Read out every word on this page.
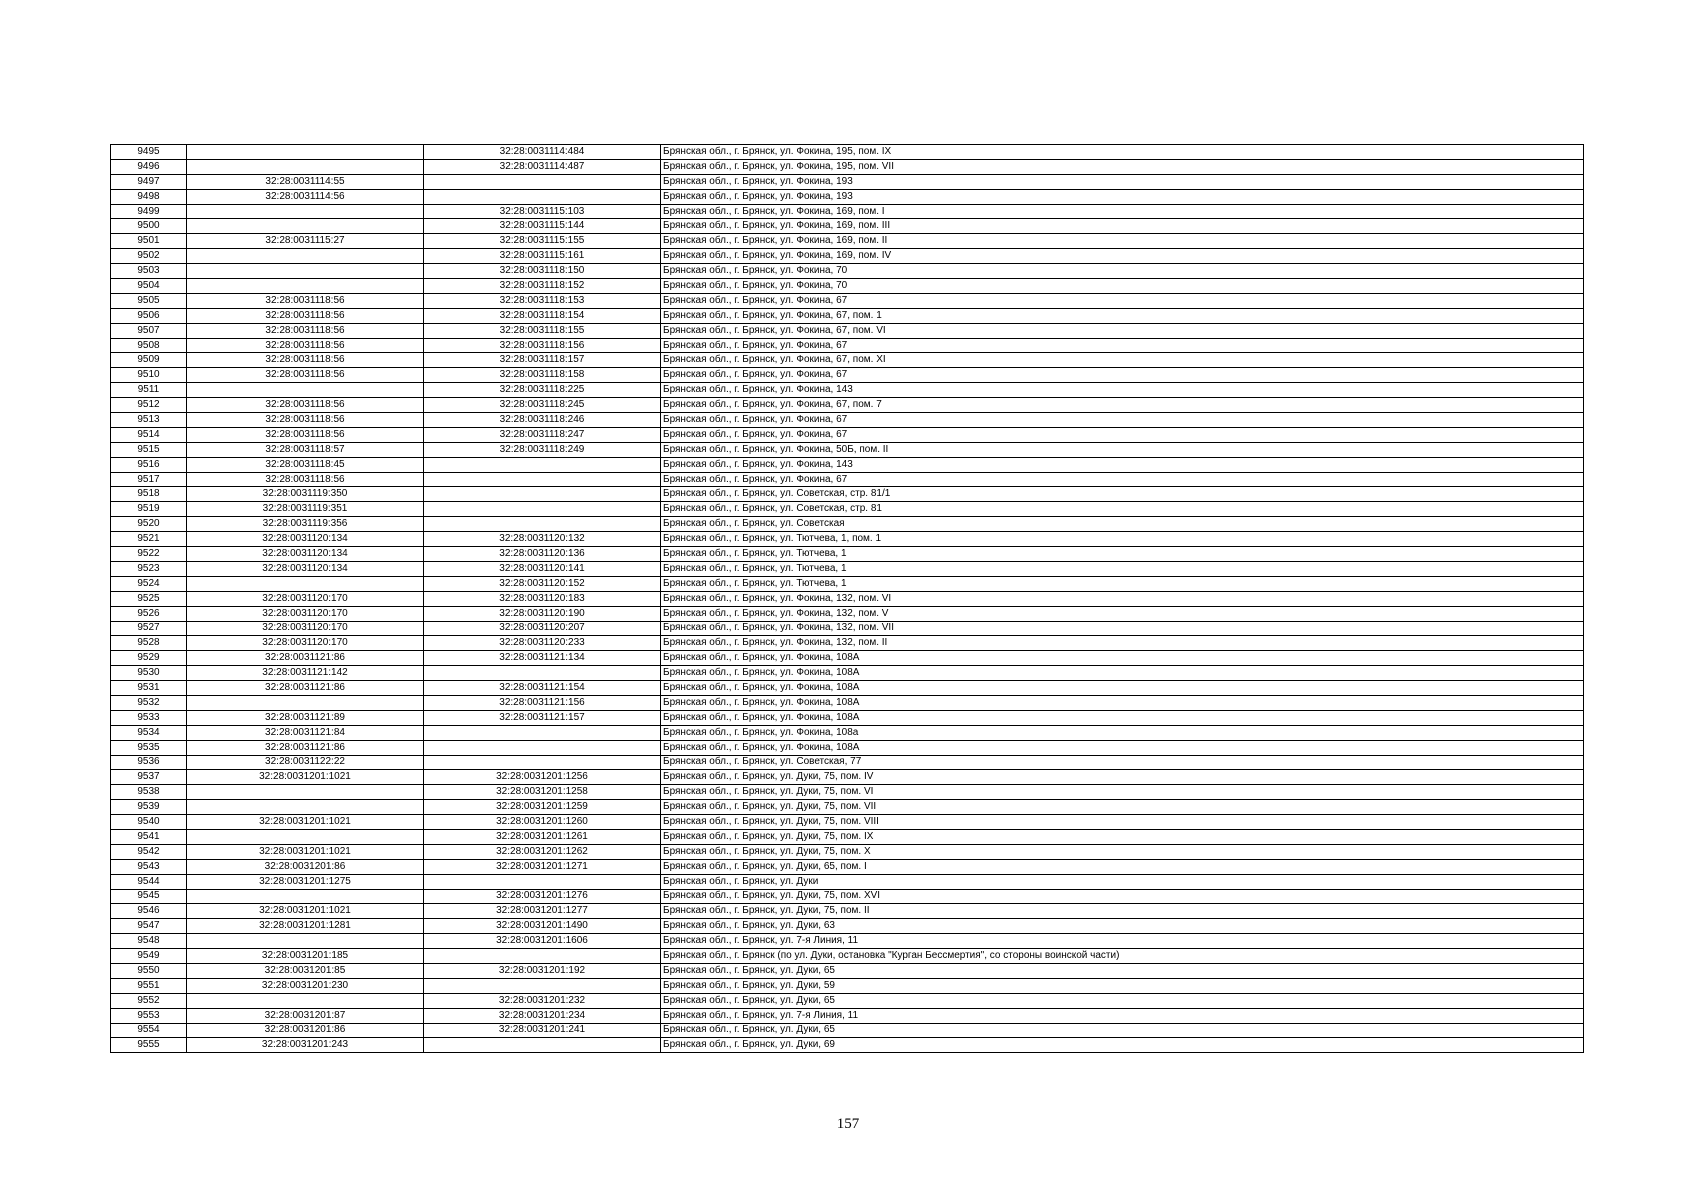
9495		32:28:0031114:484	Брянская обл., г. Брянск, ул. Фокина, 195, пом. IX
9496		32:28:0031114:487	Брянская обл., г. Брянск, ул. Фокина, 195, пом. VII
9497	32:28:0031114:55		Брянская обл., г. Брянск, ул. Фокина, 193
9498	32:28:0031114:56		Брянская обл., г. Брянск, ул. Фокина, 193
9499		32:28:0031115:103	Брянская обл., г. Брянск, ул. Фокина, 169, пом. I
9500		32:28:0031115:144	Брянская обл., г. Брянск, ул. Фокина, 169, пом. III
9501	32:28:0031115:27	32:28:0031115:155	Брянская обл., г. Брянск, ул. Фокина, 169, пом. II
9502		32:28:0031115:161	Брянская обл., г. Брянск, ул. Фокина, 169, пом. IV
9503		32:28:0031118:150	Брянская обл., г. Брянск, ул. Фокина, 70
9504		32:28:0031118:152	Брянская обл., г. Брянск, ул. Фокина, 70
9505	32:28:0031118:56	32:28:0031118:153	Брянская обл., г. Брянск, ул. Фокина, 67
9506	32:28:0031118:56	32:28:0031118:154	Брянская обл., г. Брянск, ул. Фокина, 67, пом. 1
9507	32:28:0031118:56	32:28:0031118:155	Брянская обл., г. Брянск, ул. Фокина, 67, пом. VI
9508	32:28:0031118:56	32:28:0031118:156	Брянская обл., г. Брянск, ул. Фокина, 67
9509	32:28:0031118:56	32:28:0031118:157	Брянская обл., г. Брянск, ул. Фокина, 67, пом. XI
9510	32:28:0031118:56	32:28:0031118:158	Брянская обл., г. Брянск, ул. Фокина, 67
9511		32:28:0031118:225	Брянская обл., г. Брянск, ул. Фокина, 143
9512	32:28:0031118:56	32:28:0031118:245	Брянская обл., г. Брянск, ул. Фокина, 67, пом. 7
9513	32:28:0031118:56	32:28:0031118:246	Брянская обл., г. Брянск, ул. Фокина, 67
9514	32:28:0031118:56	32:28:0031118:247	Брянская обл., г. Брянск, ул. Фокина, 67
9515	32:28:0031118:57	32:28:0031118:249	Брянская обл., г. Брянск, ул. Фокина, 50Б, пом. II
9516	32:28:0031118:45		Брянская обл., г. Брянск, ул. Фокина, 143
9517	32:28:0031118:56		Брянская обл., г. Брянск, ул. Фокина, 67
9518	32:28:0031119:350		Брянская обл., г. Брянск, ул. Советская, стр. 81/1
9519	32:28:0031119:351		Брянская обл., г. Брянск, ул. Советская, стр. 81
9520	32:28:0031119:356		Брянская обл., г. Брянск, ул. Советская
9521	32:28:0031120:134	32:28:0031120:132	Брянская обл., г. Брянск, ул. Тютчева, 1, пом. 1
9522	32:28:0031120:134	32:28:0031120:136	Брянская обл., г. Брянск, ул. Тютчева, 1
9523	32:28:0031120:134	32:28:0031120:141	Брянская обл., г. Брянск, ул. Тютчева, 1
9524		32:28:0031120:152	Брянская обл., г. Брянск, ул. Тютчева, 1
9525	32:28:0031120:170	32:28:0031120:183	Брянская обл., г. Брянск, ул. Фокина, 132, пом. VI
9526	32:28:0031120:170	32:28:0031120:190	Брянская обл., г. Брянск, ул. Фокина, 132, пом. V
9527	32:28:0031120:170	32:28:0031120:207	Брянская обл., г. Брянск, ул. Фокина, 132, пом. VII
9528	32:28:0031120:170	32:28:0031120:233	Брянская обл., г. Брянск, ул. Фокина, 132, пом. II
9529	32:28:0031121:86	32:28:0031121:134	Брянская обл., г. Брянск, ул. Фокина, 108А
9530	32:28:0031121:142		Брянская обл., г. Брянск, ул. Фокина, 108А
9531	32:28:0031121:86	32:28:0031121:154	Брянская обл., г. Брянск, ул. Фокина, 108А
9532		32:28:0031121:156	Брянская обл., г. Брянск, ул. Фокина, 108А
9533	32:28:0031121:89	32:28:0031121:157	Брянская обл., г. Брянск, ул. Фокина, 108А
9534	32:28:0031121:84		Брянская обл., г. Брянск, ул. Фокина, 108а
9535	32:28:0031121:86		Брянская обл., г. Брянск, ул. Фокина, 108А
9536	32:28:0031122:22		Брянская обл., г. Брянск, ул. Советская, 77
9537	32:28:0031201:1021	32:28:0031201:1256	Брянская обл., г. Брянск, ул. Дуки, 75, пом. IV
9538		32:28:0031201:1258	Брянская обл., г. Брянск, ул. Дуки, 75, пом. VI
9539		32:28:0031201:1259	Брянская обл., г. Брянск, ул. Дуки, 75, пом. VII
9540	32:28:0031201:1021	32:28:0031201:1260	Брянская обл., г. Брянск, ул. Дуки, 75, пом. VIII
9541		32:28:0031201:1261	Брянская обл., г. Брянск, ул. Дуки, 75, пом. IX
9542	32:28:0031201:1021	32:28:0031201:1262	Брянская обл., г. Брянск, ул. Дуки, 75, пом. X
9543	32:28:0031201:86	32:28:0031201:1271	Брянская обл., г. Брянск, ул. Дуки, 65, пом. I
9544	32:28:0031201:1275		Брянская обл., г. Брянск, ул. Дуки
9545		32:28:0031201:1276	Брянская обл., г. Брянск, ул. Дуки, 75, пом. XVI
9546	32:28:0031201:1021	32:28:0031201:1277	Брянская обл., г. Брянск, ул. Дуки, 75, пом. II
9547	32:28:0031201:1281	32:28:0031201:1490	Брянская обл., г. Брянск, ул. Дуки, 63
9548		32:28:0031201:1606	Брянская обл., г. Брянск, ул. 7-я Линия, 11
9549	32:28:0031201:185		Брянская обл., г. Брянск (по ул. Дуки, остановка "Курган Бессмертия", со стороны воинской части)
9550	32:28:0031201:85	32:28:0031201:192	Брянская обл., г. Брянск, ул. Дуки, 65
9551	32:28:0031201:230		Брянская обл., г. Брянск, ул. Дуки, 59
9552		32:28:0031201:232	Брянская обл., г. Брянск, ул. Дуки, 65
9553	32:28:0031201:87	32:28:0031201:234	Брянская обл., г. Брянск, ул. 7-я Линия, 11
9554	32:28:0031201:86	32:28:0031201:241	Брянская обл., г. Брянск, ул. Дуки, 65
9555	32:28:0031201:243		Брянская обл., г. Брянск, ул. Дуки, 69
157
